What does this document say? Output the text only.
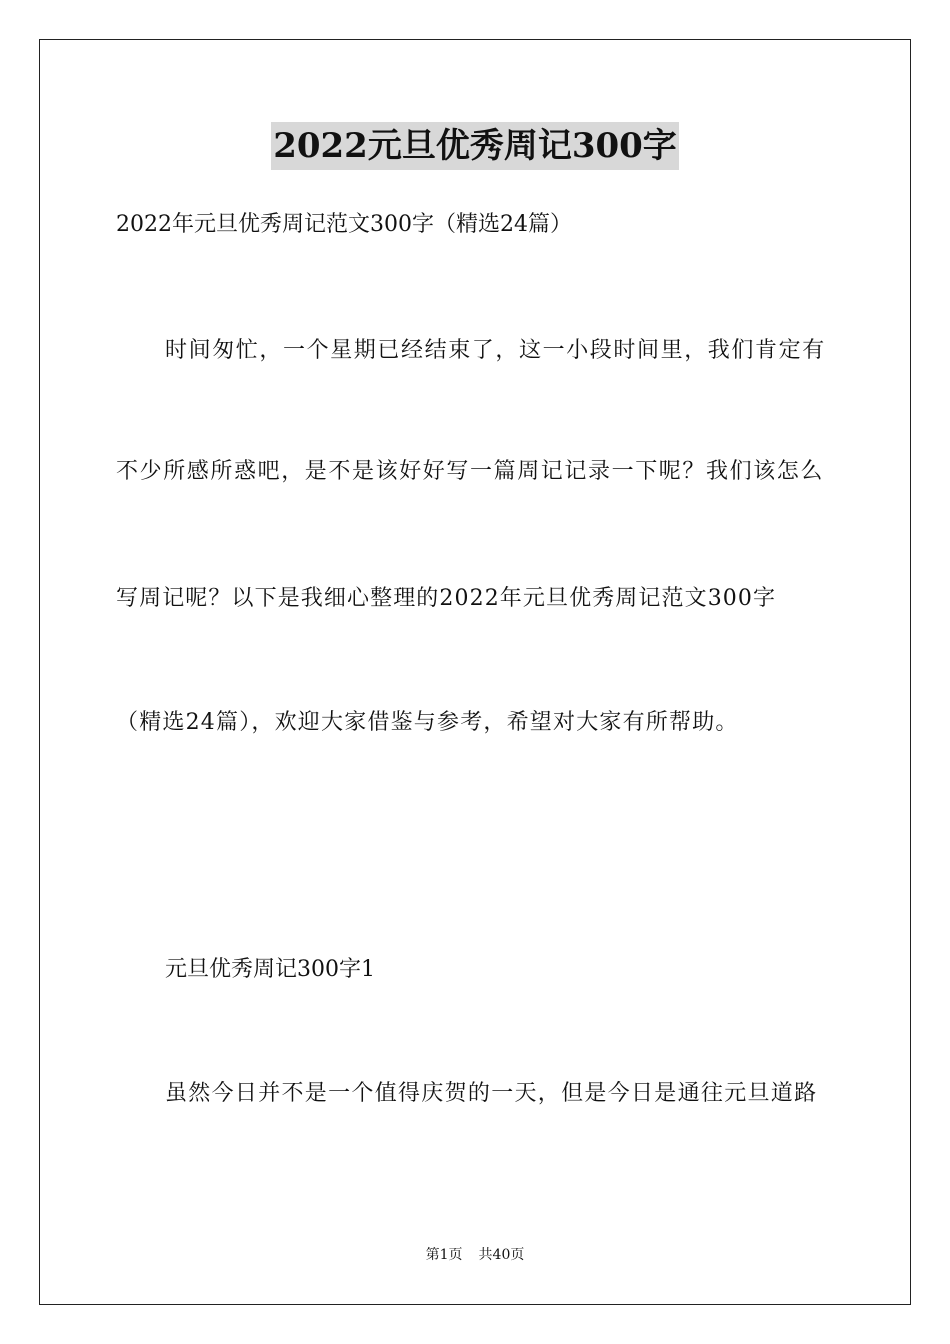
2022元旦优秀周记300字
2022年元旦优秀周记范文300字（精选24篇）
时间匆忙，一个星期已经结束了，这一小段时间里，我们肯定有
不少所感所惑吧，是不是该好好写一篇周记记录一下呢？我们该怎么
写周记呢？以下是我细心整理的2022年元旦优秀周记范文300字
（精选24篇），欢迎大家借鉴与参考，希望对大家有所帮助。
元旦优秀周记300字1
虽然今日并不是一个值得庆贺的一天，但是今日是通往元旦道路
第1页 共40页
